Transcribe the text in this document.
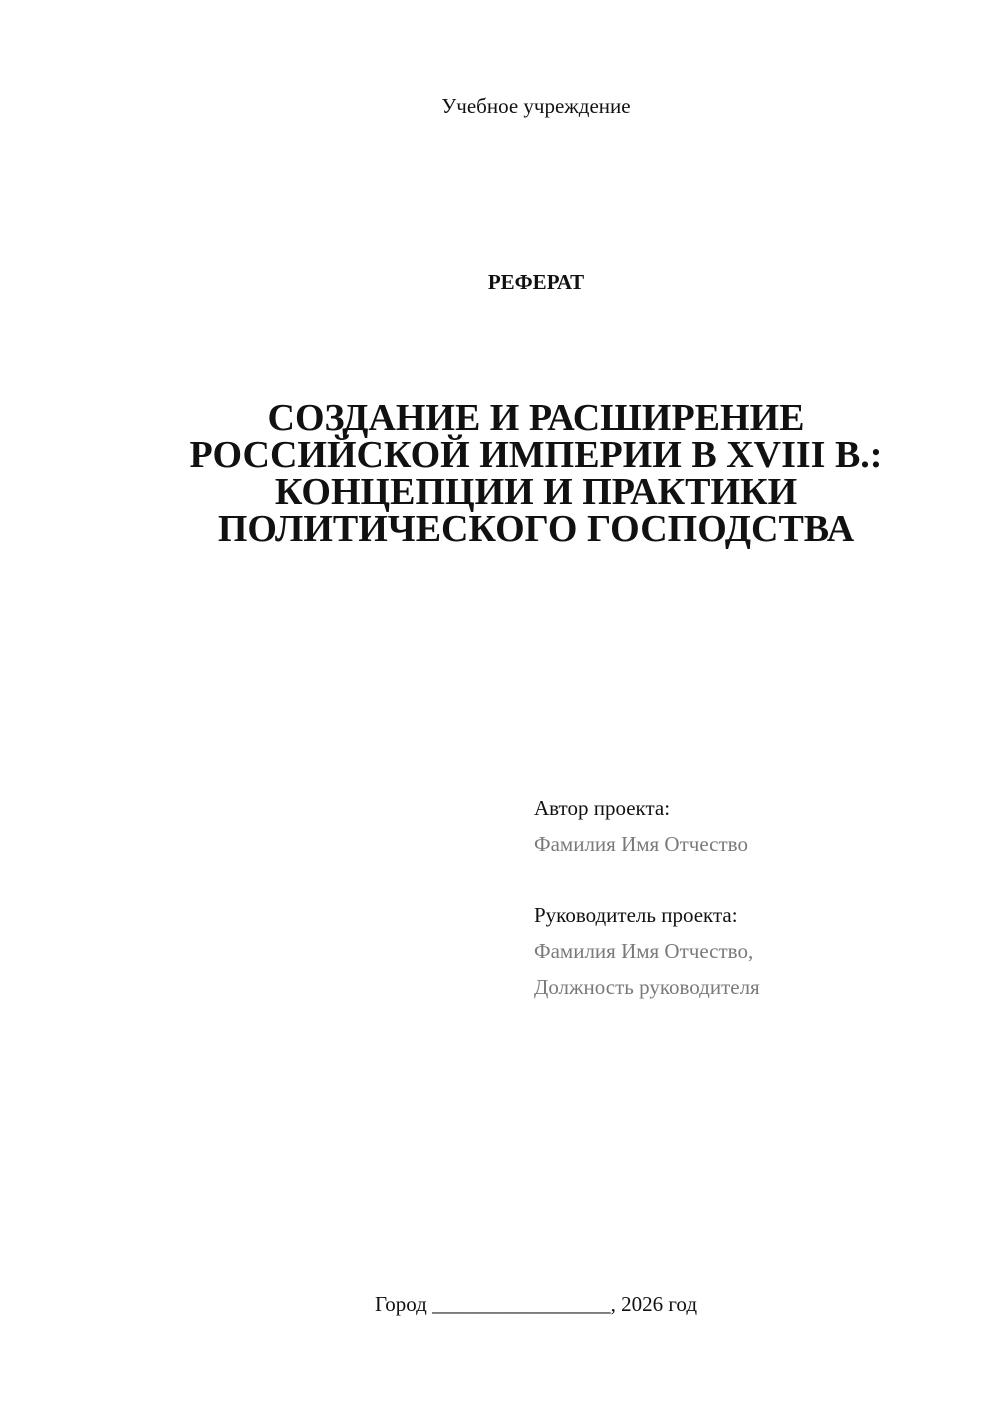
Учебное учреждение
РЕФЕРАТ
СОЗДАНИЕ И РАСШИРЕНИЕ
РОССИЙСКОЙ ИМПЕРИИ В XVIII В.:
КОНЦЕПЦИИ И ПРАКТИКИ
ПОЛИТИЧЕСКОГО ГОСПОДСТВА
Автор проекта:
Фамилия Имя Отчество
Руководитель проекта:
Фамилия Имя Отчество,
Должность руководителя
Город _________________, 2026 год
